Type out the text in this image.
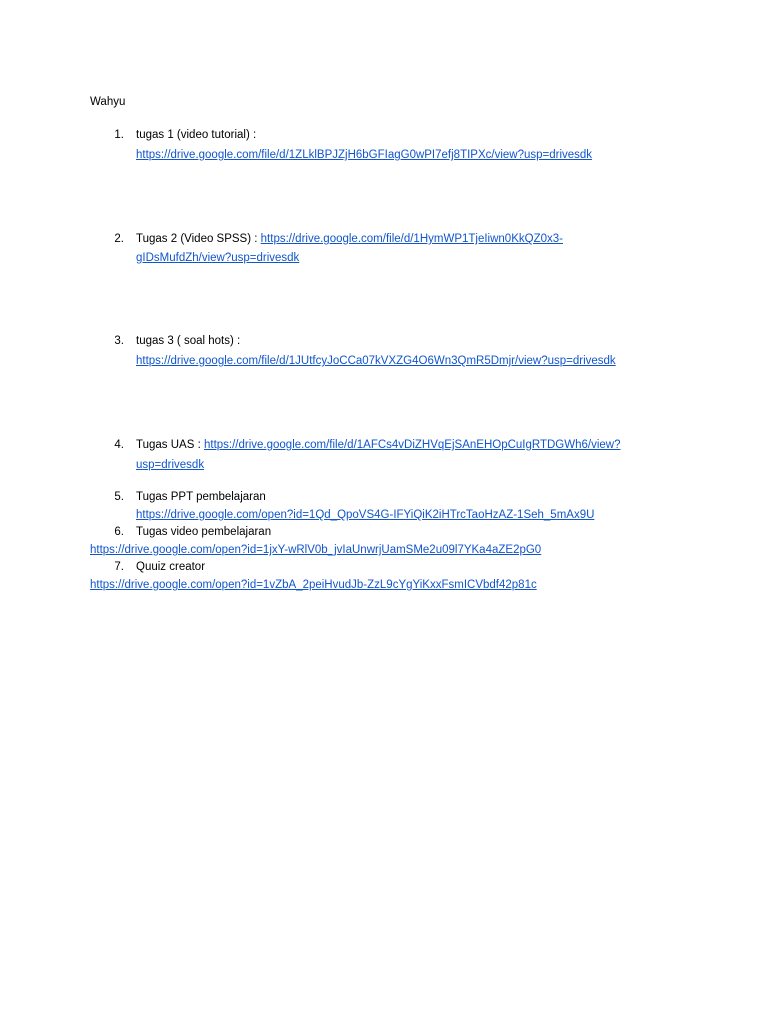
Wahyu
1. tugas 1 (video tutorial) :
https://drive.google.com/file/d/1ZLklBPJZjH6bGFIagG0wPI7efj8TIPXc/view?usp=drivesdk
2. Tugas 2 (Video SPSS) : https://drive.google.com/file/d/1HymWP1TjeIiwn0KkQZ0x3-
gIDsMufdZh/view?usp=drivesdk
3. tugas 3 ( soal hots) :
https://drive.google.com/file/d/1JUtfcyJoCCa07kVXZG4O6Wn3QmR5Dmjr/view?usp=drivesdk
4. Tugas UAS : https://drive.google.com/file/d/1AFCs4vDiZHVqEjSAnEHOpCuIgRTDGWh6/view?
usp=drivesdk
5. Tugas PPT pembelajaran
https://drive.google.com/open?id=1Qd_QpoVS4G-IFYiQiK2iHTrcTaoHzAZ-1Seh_5mAx9U
6. Tugas video pembelajaran
https://drive.google.com/open?id=1jxY-wRlV0b_jvIaUnwrjUamSMe2u09l7YKa4aZE2pG0
7. Quuiz creator
https://drive.google.com/open?id=1vZbA_2peiHvudJb-ZzL9cYgYiKxxFsmICVbdf42p81c
